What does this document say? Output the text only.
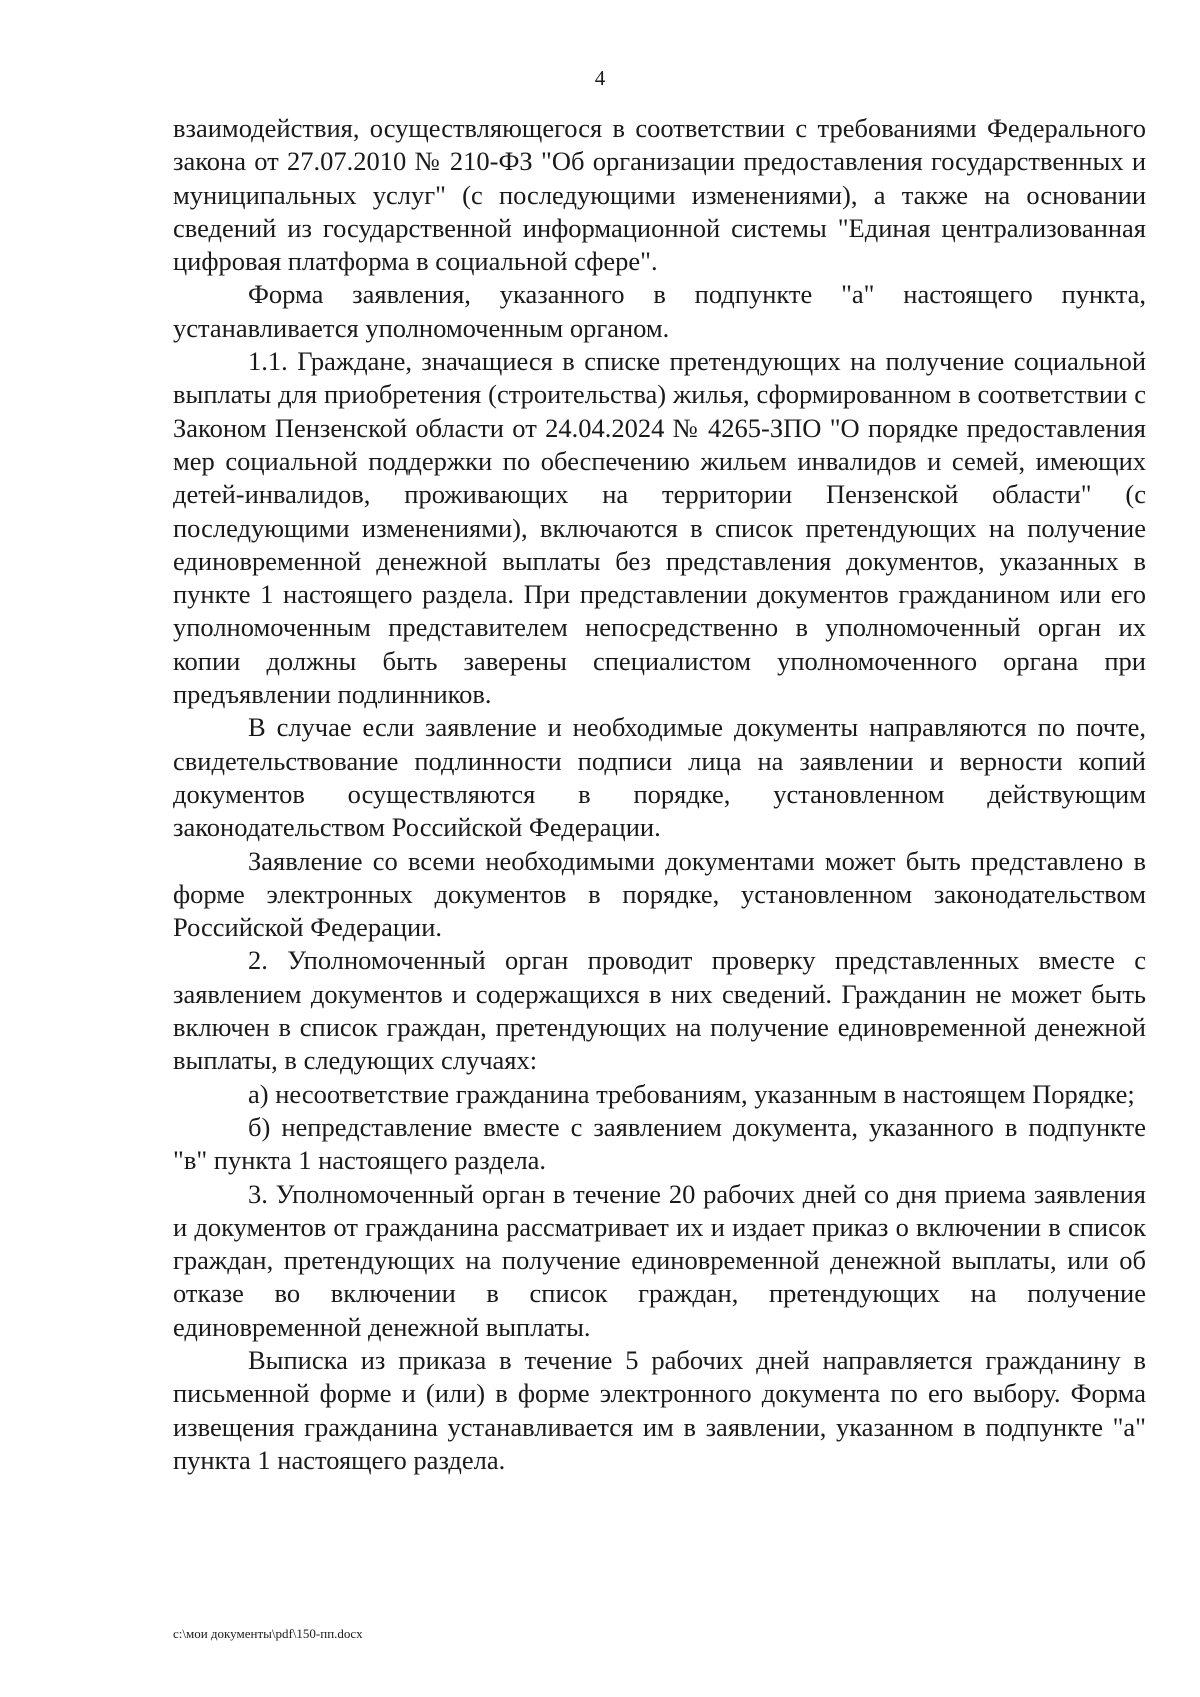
4

взаимодействия, осуществляющегося в соответствии с требованиями Федерального закона от 27.07.2010 № 210-ФЗ "Об организации предоставления государственных и муниципальных услуг" (с последующими изменениями), а также на основании сведений из государственной информационной системы "Единая централизованная цифровая платформа в социальной сфере".

Форма заявления, указанного в подпункте "а" настоящего пункта, устанавливается уполномоченным органом.

1.1. Граждане, значащиеся в списке претендующих на получение социальной выплаты для приобретения (строительства) жилья, сформированном в соответствии с Законом Пензенской области от 24.04.2024 № 4265-ЗПО "О порядке предоставления мер социальной поддержки по обеспечению жильем инвалидов и семей, имеющих детей-инвалидов, проживающих на территории Пензенской области" (с последующими изменениями), включаются в список претендующих на получение единовременной денежной выплаты без представления документов, указанных в пункте 1 настоящего раздела. При представлении документов гражданином или его уполномоченным представителем непосредственно в уполномоченный орган их копии должны быть заверены специалистом уполномоченного органа при предъявлении подлинников.

В случае если заявление и необходимые документы направляются по почте, свидетельствование подлинности подписи лица на заявлении и верности копий документов осуществляются в порядке, установленном действующим законодательством Российской Федерации.

Заявление со всеми необходимыми документами может быть представлено в форме электронных документов в порядке, установленном законодательством Российской Федерации.

2. Уполномоченный орган проводит проверку представленных вместе с заявлением документов и содержащихся в них сведений. Гражданин не может быть включен в список граждан, претендующих на получение единовременной денежной выплаты, в следующих случаях:

а) несоответствие гражданина требованиям, указанным в настоящем Порядке;

б) непредставление вместе с заявлением документа, указанного в подпункте "в" пункта 1 настоящего раздела.

3. Уполномоченный орган в течение 20 рабочих дней со дня приема заявления и документов от гражданина рассматривает их и издает приказ о включении в список граждан, претендующих на получение единовременной денежной выплаты, или об отказе во включении в список граждан, претендующих на получение единовременной денежной выплаты.

Выписка из приказа в течение 5 рабочих дней направляется гражданину в письменной форме и (или) в форме электронного документа по его выбору. Форма извещения гражданина устанавливается им в заявлении, указанном в подпункте "а" пункта 1 настоящего раздела.

c:\мои документы\pdf\150-пп.docx
